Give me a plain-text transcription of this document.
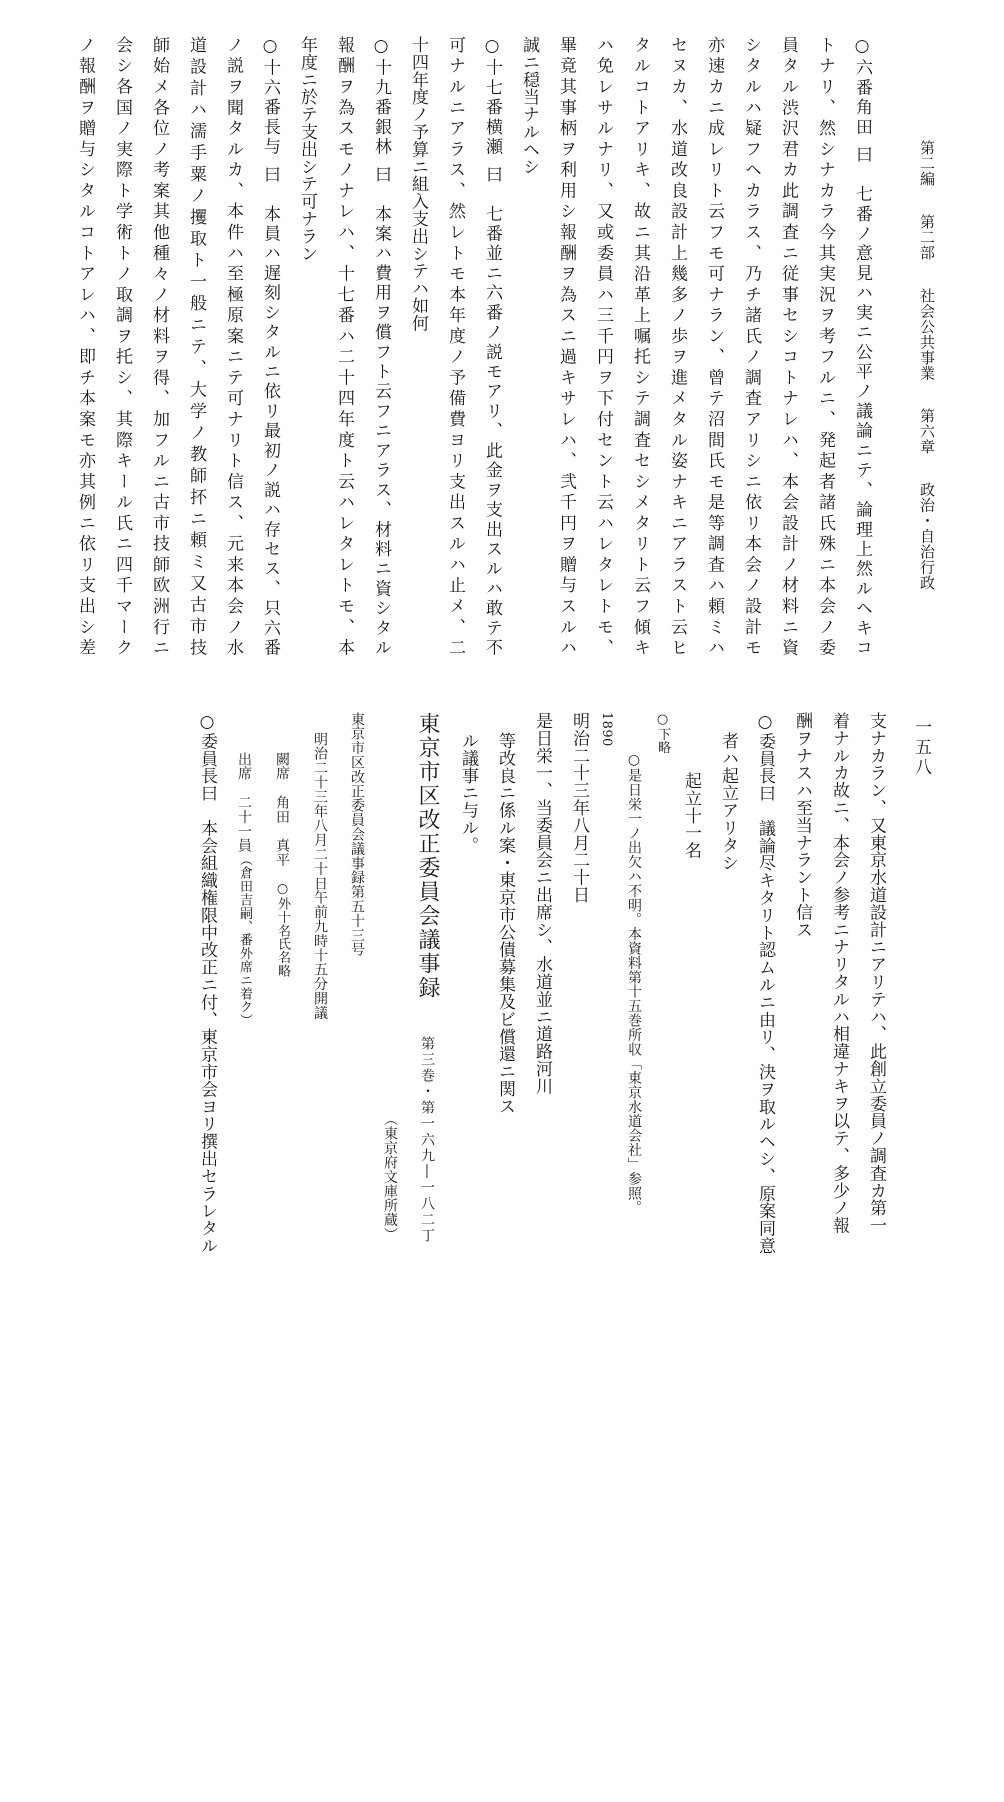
第二編 第二部 社会公共事業 第六章 政治・自治行政
一五八
○六番角田 曰　七番ノ意見ハ実ニ公平ノ議論ニテ、論理上然ルヘキコ
トナリ、然シナカラ今其実況ヲ考フルニ、発起者諸氏殊ニ本会ノ委
員タル渋沢君カ此調査ニ従事セシコトナレハ、本会設計ノ材料ニ資
シタルハ疑フヘカラス、乃チ諸氏ノ調査アリシニ依リ本会ノ設計モ
亦速カニ成レリト云フモ可ナラン、曾テ沼間氏モ是等調査ハ頼ミハ
セヌカ、水道改良設計上幾多ノ歩ヲ進メタル姿ナキニアラスト云ヒ
タルコトアリキ、故ニ其沿革上嘱托シテ調査セシメタリト云フ傾キ
ハ免レサルナリ、又或委員ハ三千円ヲ下付セント云ハレタレトモ、
畢竟其事柄ヲ利用シ報酬ヲ為スニ過キサレハ、弐千円ヲ贈与スルハ
誠ニ穏当ナルヘシ
○十七番横瀬 曰　七番並ニ六番ノ説モアリ、此金ヲ支出スルハ敢テ不
可ナルニアラス、然レトモ本年度ノ予備費ヨリ支出スルハ止メ、二
十四年度ノ予算ニ組入支出シテハ如何
○十九番銀林 曰　本案ハ費用ヲ償フト云フニアラス、材料ニ資シタル
報酬ヲ為スモノナレハ、十七番ハ二十四年度ト云ハレタレトモ、本
年度ニ於テ支出シテ可ナラン
○十六番長与 曰　本員ハ遅刻シタルニ依リ最初ノ説ハ存セス、只六番
ノ説ヲ聞タルカ、本件ハ至極原案ニテ可ナリト信ス、元来本会ノ水
道設計ハ濡手粟ノ攫取ト一般ニテ、大学ノ教師抔ニ頼ミ又古市技
師始メ各位ノ考案其他種々ノ材料ヲ得、加フルニ古市技師欧洲行ニ
会シ各国ノ実際ト学術トノ取調ヲ托シ、其際キール氏ニ四千マーク
ノ報酬ヲ贈与シタルコトアレハ、即チ本案モ亦其例ニ依リ支出シ差
支ナカラン、又東京水道設計ニアリテハ、此創立委員ノ調査カ第一
着ナルカ故ニ、本会ノ参考ニナリタルハ相違ナキヲ以テ、多少ノ報
酬ヲナスハ至当ナラント信ス
○委員長曰　議論尽キタリト認ムルニ由リ、決ヲ取ルヘシ、原案同意
者ハ起立アリタシ
起立十一名
○下略
○是日栄一ノ出欠ハ不明。本資料第十五巻所収「東京水道会社」参照。
1890
明治二十三年八月二十日
是日栄一、当委員会ニ出席シ、水道並ニ道路河川
等改良ニ係ル案・東京市公債募集及ビ償還ニ関ス
ル議事ニ与ル。
東京市区改正委員会議事録第三巻・第一六九―一八二丁
（東京府文庫所蔵）
東京市区改正委員会議事録第五十三号
明治二十三年八月二十日午前九時十五分開議
闕席　角田　真平　○外十名氏名略
出席　二十一員（倉田吉嗣、番外席ニ着ク）
○委員長曰　本会組織権限中改正ニ付、東京市会ヨリ撰出セラレタル
